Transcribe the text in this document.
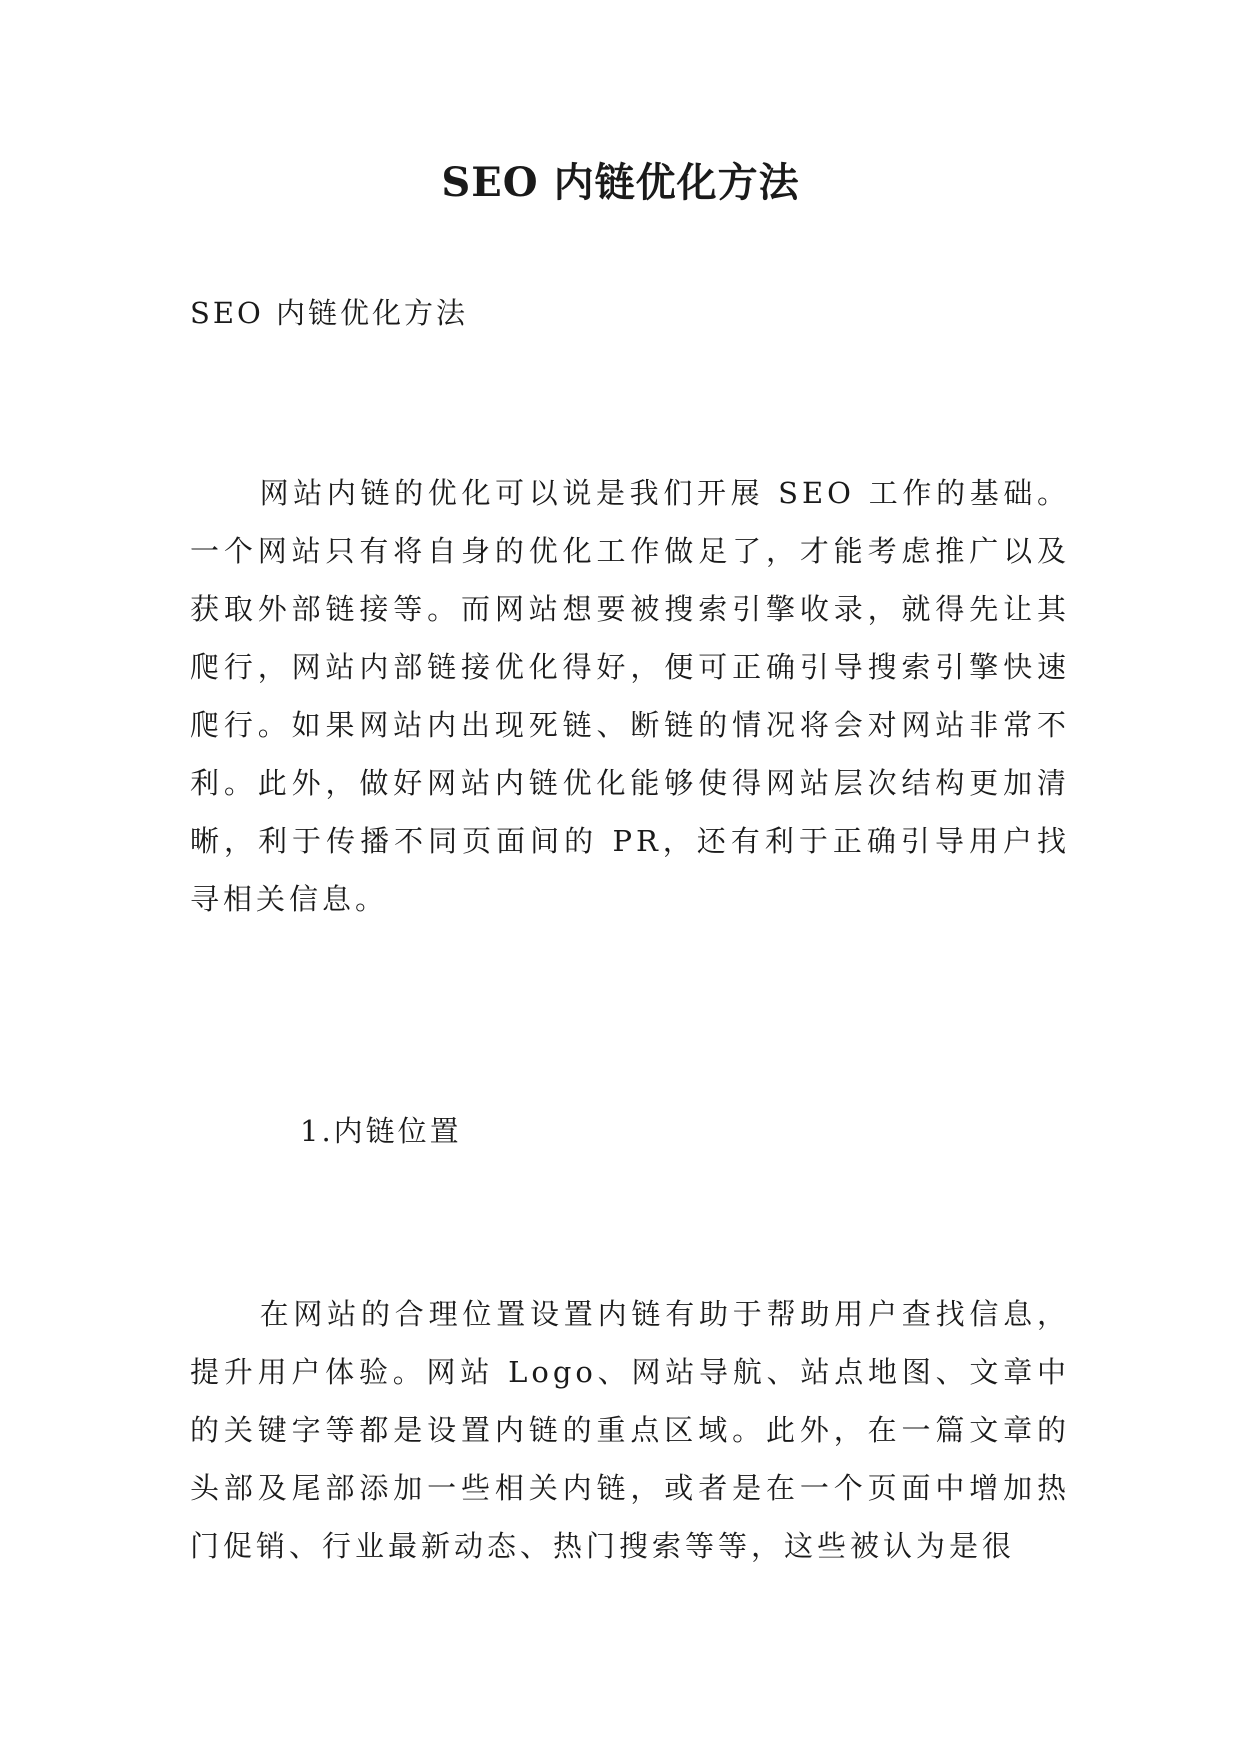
SEO 内链优化方法
SEO 内链优化方法

网站内链的优化可以说是我们开展 SEO 工作的基础。一个网站只有将自身的优化工作做足了，才能考虑推广以及获取外部链接等。而网站想要被搜索引擎收录，就得先让其爬行，网站内部链接优化得好，便可正确引导搜索引擎快速爬行。如果网站内出现死链、断链的情况将会对网站非常不利。此外，做好网站内链优化能够使得网站层次结构更加清晰，利于传播不同页面间的 PR，还有利于正确引导用户找寻相关信息。

1.内链位置

在网站的合理位置设置内链有助于帮助用户查找信息，提升用户体验。网站 Logo、网站导航、站点地图、文章中的关键字等都是设置内链的重点区域。此外，在一篇文章的头部及尾部添加一些相关内链，或者是在一个页面中增加热门促销、行业最新动态、热门搜索等等，这些被认为是很
